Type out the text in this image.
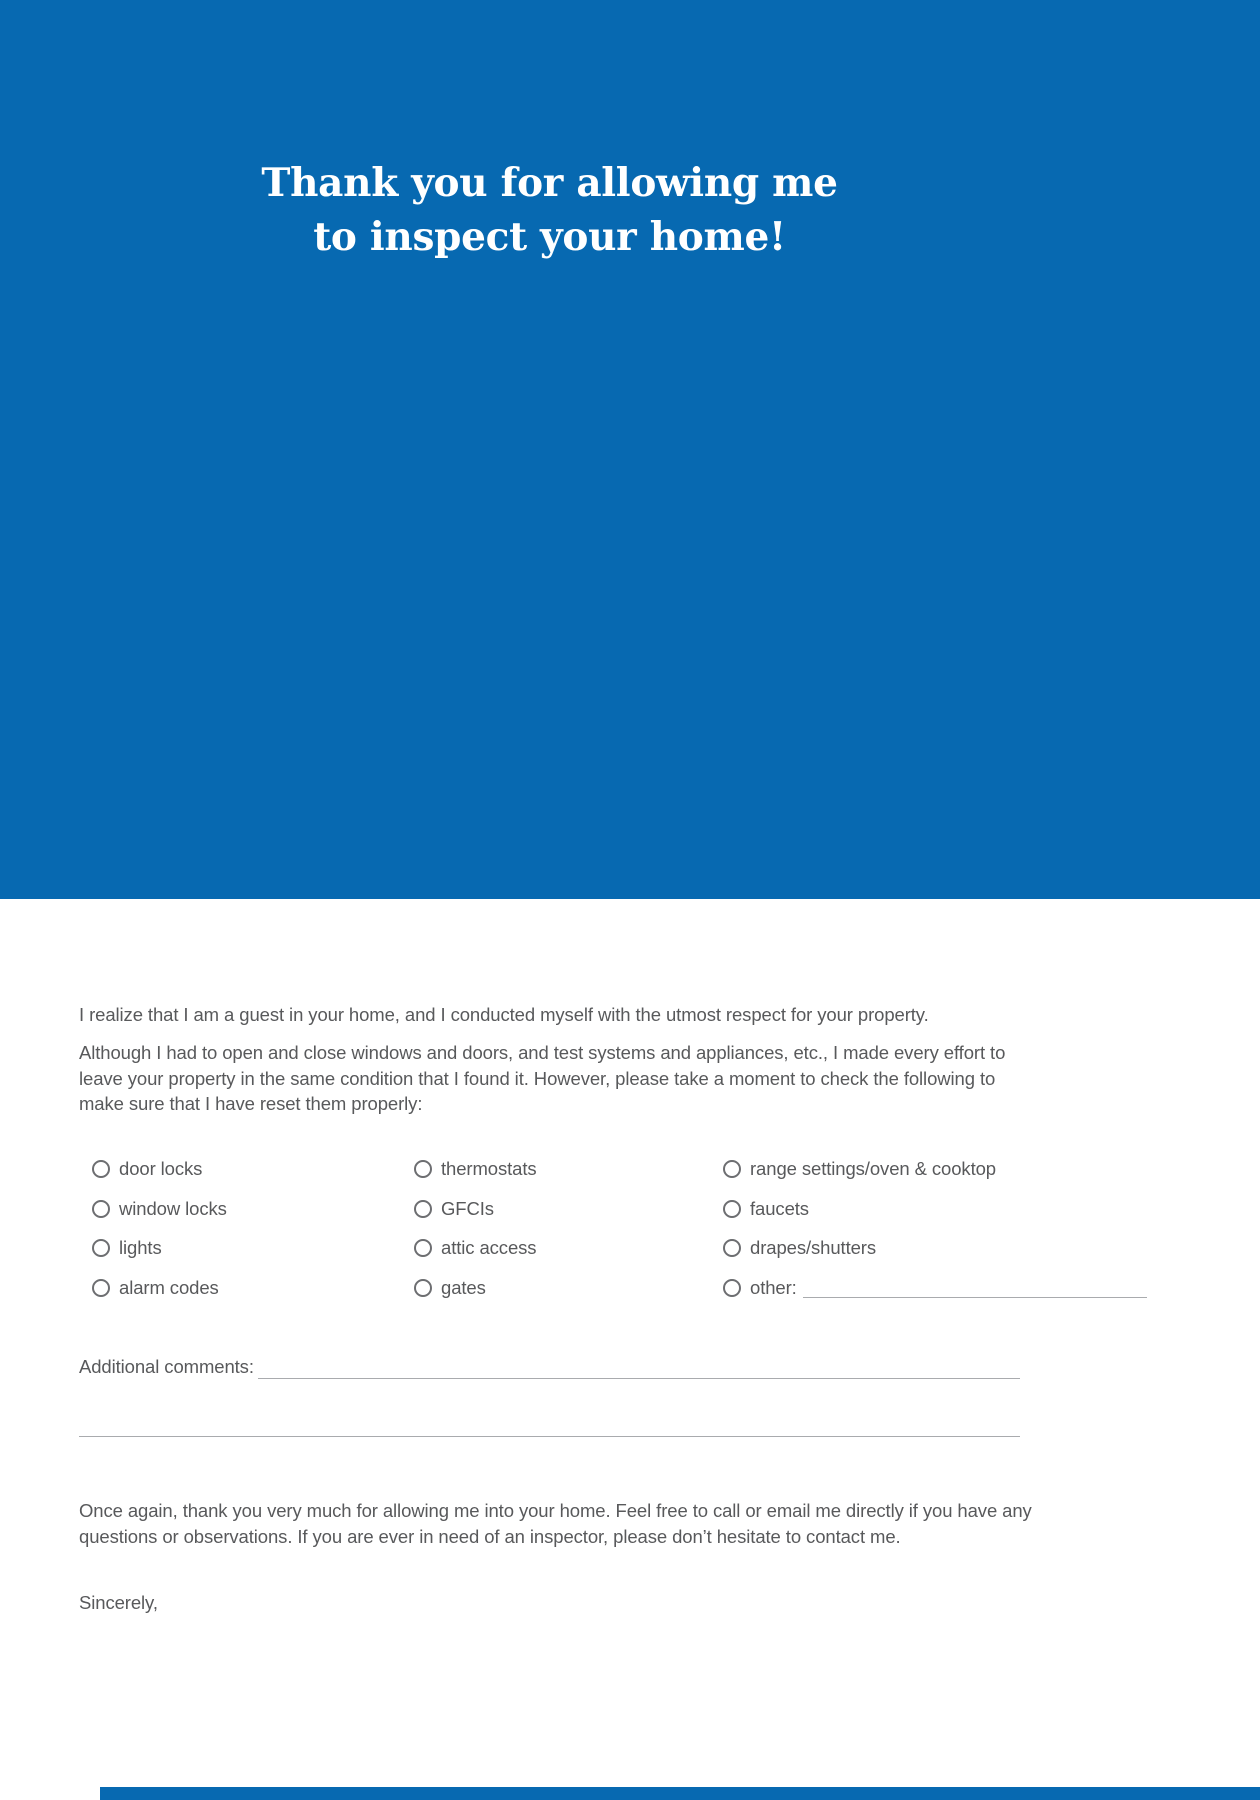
Thank you for allowing me
to inspect your home!
I realize that I am a guest in your home, and I conducted myself with the utmost respect for your property.
Although I had to open and close windows and doors, and test systems and appliances, etc., I made every effort to leave your property in the same condition that I found it. However, please take a moment to check the following to make sure that I have reset them properly:
door locks
window locks
lights
alarm codes
thermostats
GFCIs
attic access
gates
range settings/oven & cooktop
faucets
drapes/shutters
other:
Additional comments:
Once again, thank you very much for allowing me into your home. Feel free to call or email me directly if you have any questions or observations. If you are ever in need of an inspector, please don’t hesitate to contact me.
Sincerely,
